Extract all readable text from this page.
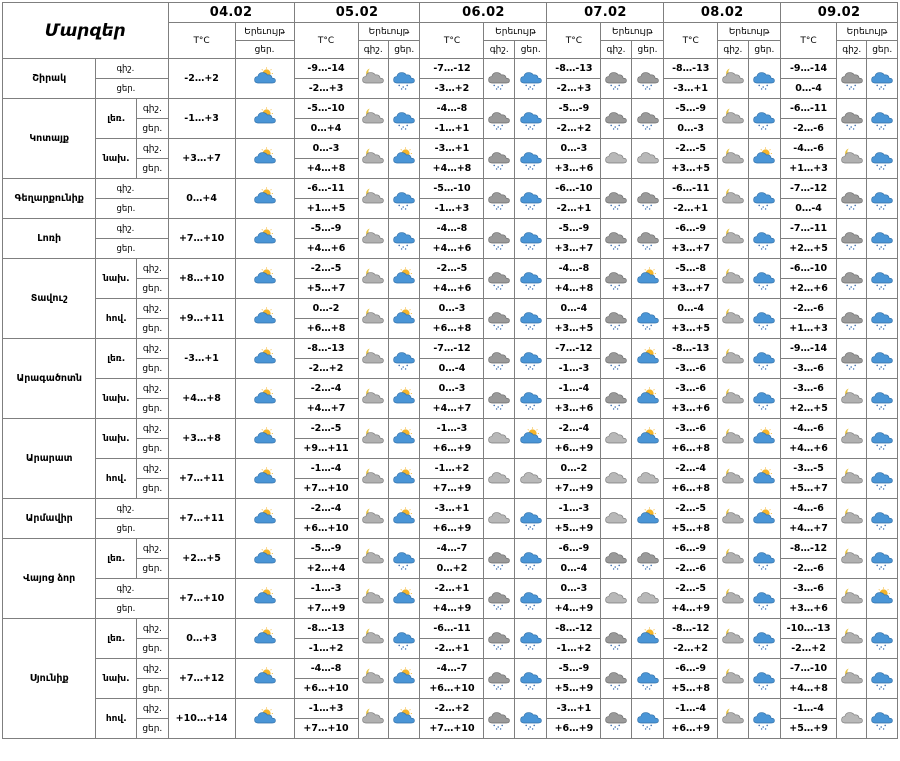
Մարզեր			04.02		05.02			06.02			07.02			08.02			09.02		
			T°C	Երեւույթ	T°C	Երեւույթ		T°C	Երեւույթ		T°C	Երեւույթ		T°C	Երեւույթ		T°C	Երեւույթ	
				ցեր.		գիշ.	ցեր.		գիշ.	ցեր.		գիշ.	ցեր.		գիշ.	ցեր.		գիշ.	ցեր.
Շիրակ	գիշ.		-2…+2		-9…-14			-7…-12			-8…-13			-8…-13			-9…-14	

	ցեր.				-2…+3			-3…+2			-2…+3			-3…+1			0…-4		
Կոտայք	լեռ.	գիշ.	-1…+3		-5…-10			-4…-8			-5…-9			-5…-9			-6…-11	

		ցեր.			0…+4			-1…+1			-2…+2			0…-3			-2…-6		
	նախ.	գիշ.	+3…+7		0…-3			-3…+1			0…-3			-2…-5			-4…-6	

		ցեր.			+4…+8			+4…+8			+3…+6			+3…+5			+1…+3		
Գեղարքունիք	գիշ.		0…+4		-6…-11			-5…-10			-6…-10			-6…-11			-7…-12	

	ցեր.				+1…+5			-1…+3			-2…+1			-2…+1			0…-4		
Լոռի	գիշ.		+7…+10		-5…-9			-4…-8			-5…-9			-6…-9			-7…-11	

	ցեր.				+4…+6			+4…+6			+3…+7			+3…+7			+2…+5		
Տավուշ	նախ.	գիշ.	+8…+10		-2…-5			-2…-5			-4…-8			-5…-8			-6…-10	

		ցեր.			+5…+7			+4…+6			+4…+8			+3…+7			+2…+6		
	հով.	գիշ.	+9…+11		0…-2			0…-3			0…-4			0…-4			-2…-6	

		ցեր.			+6…+8			+6…+8			+3…+5			+3…+5			+1…+3		
Արագածոտն	լեռ.	գիշ.	-3…+1		-8…-13			-7…-12			-7…-12			-8…-13			-9…-14	

		ցեր.			-2…+2			0…-4			-1…-3			-3…-6			-3…-6		
	նախ.	գիշ.	+4…+8		-2…-4			0…-3			-1…-4			-3…-6			-3…-6	

		ցեր.			+4…+7			+4…+7			+3…+6			+3…+6			+2…+5		
Արարատ	նախ.	գիշ.	+3…+8		-2…-5			-1…-3			-2…-4			-3…-6			-4…-6	

		ցեր.			+9…+11			+6…+9			+6…+9			+6…+8			+4…+6		
	հով.	գիշ.	+7…+11		-1…-4			-1…+2			0…-2			-2…-4			-3…-5	

		ցեր.			+7…+10			+7…+9			+7…+9			+6…+8			+5…+7		
Արմավիր	գիշ.		+7…+11		-2…-4			-3…+1			-1…-3			-2…-5			-4…-6	

	ցեր.				+6…+10			+6…+9			+5…+9			+5…+8			+4…+7		
Վայոց ձոր	լեռ.	գիշ.	+2…+5		-5…-9			-4…-7			-6…-9			-6…-9			-8…-12	

		ցեր.			+2…+4			0…+2			0…-4			-2…-6			-2…-6		
	գիշ.		+7…+10		-1…-3			-2…+1			0…-3			-2…-5			-3…-6	

	ցեր.				+7…+9			+4…+9			+4…+9			+4…+9			+3…+6		
Սյունիք	լեռ.	գիշ.	0…+3		-8…-13			-6…-11			-8…-12			-8…-12			-10…-13	

		ցեր.			-1…+2			-2…+1			-1…+2			-2…+2			-2…+2		
	նախ.	գիշ.	+7…+12		-4…-8			-4…-7			-5…-9			-6…-9			-7…-10	

		ցեր.			+6…+10			+6…+10			+5…+9			+5…+8			+4…+8		
	հով.	գիշ.	+10…+14		-1…+3			-2…+2			-3…+1			-1…-4			-1…-4	

		ցեր.			+7…+10			+7…+10			+6…+9			+6…+9			+5…+9		
